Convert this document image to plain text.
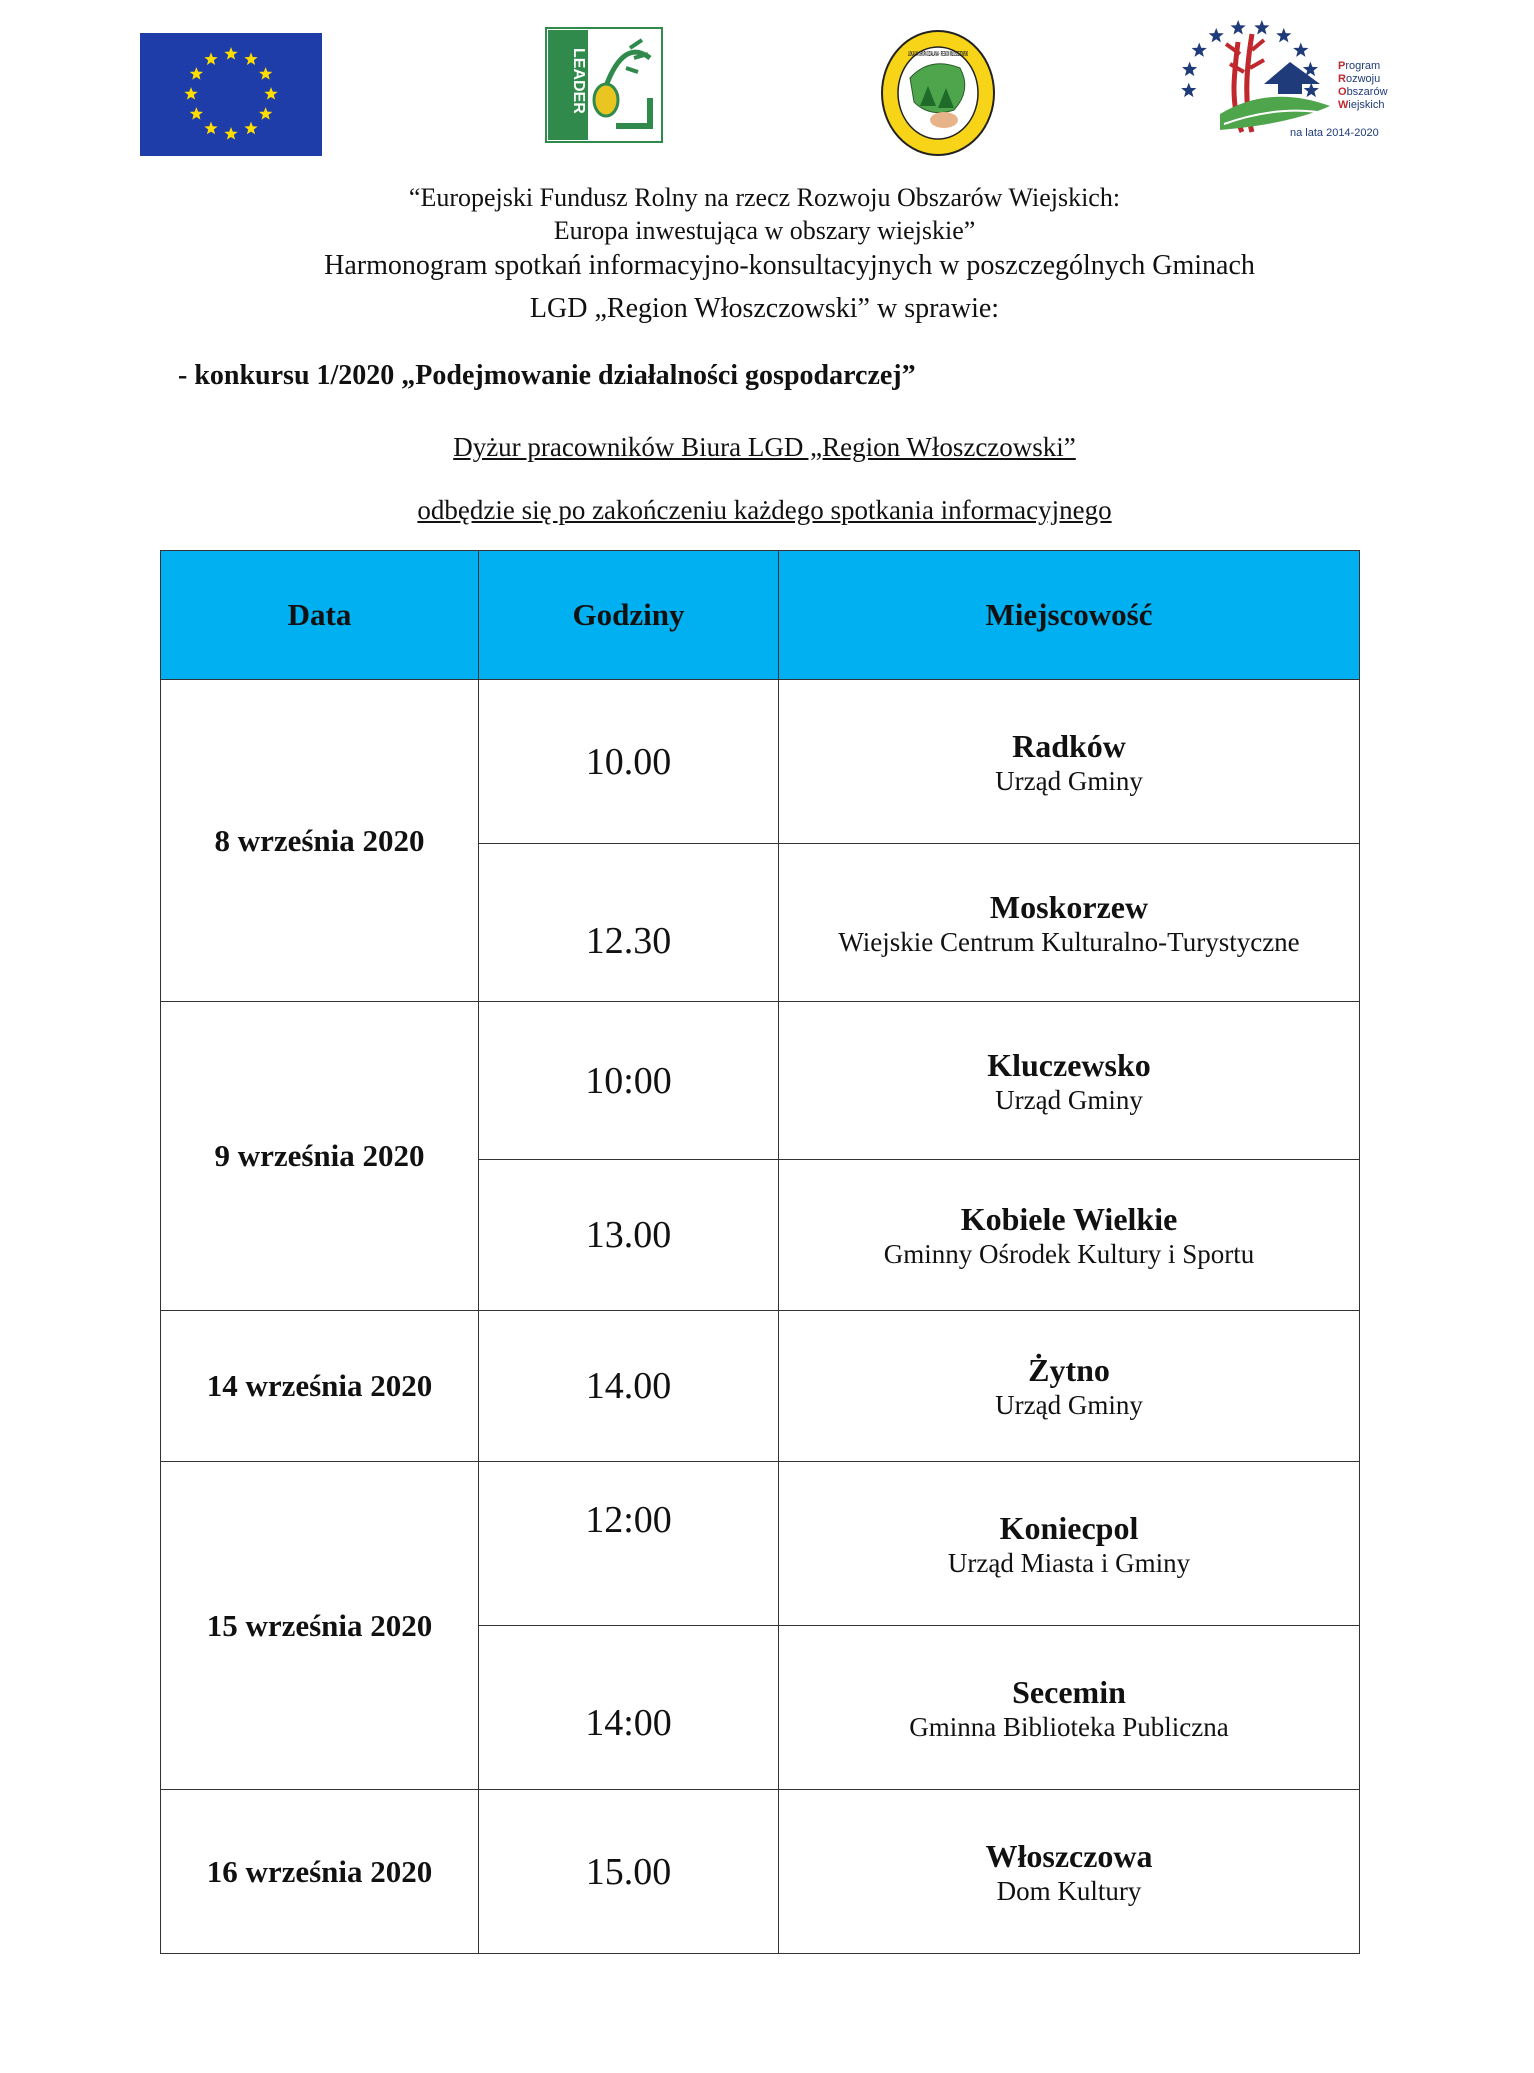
LEADER	LOKALNA GRUPA DZIAŁANIA · REGION WŁOSZCZOWSKI
Program
Rozwoju
Obszarów
Wiejskich
na lata 2014-2020
“Europejski Fundusz Rolny na rzecz Rozwoju Obszarów Wiejskich:
Europa inwestująca w obszary wiejskie”
Harmonogram spotkań informacyjno-konsultacyjnych w poszczególnych Gminach
LGD „Region Włoszczowski” w sprawie:
- konkursu 1/2020 „Podejmowanie działalności gospodarczej”
Dyżur pracowników Biura LGD „Region Włoszczowski”
odbędzie się po zakończeniu każdego spotkania informacyjnego
Data	Godziny	Miejscowość
8 września 2020	10.00	Radków
Urząd Gminy

	12.30	Moskorzew
Wiejskie Centrum Kulturalno-Turystyczne

9 września 2020	10:00	Kluczewsko
Urząd Gminy

	13.00	Kobiele Wielkie
Gminny Ośrodek Kultury i Sportu

14 września 2020	14.00	Żytno
Urząd Gminy

15 września 2020	12:00	Koniecpol
Urząd Miasta i Gminy

	14:00	Secemin
Gminna Biblioteka Publiczna

16 września 2020	15.00	Włoszczowa
Dom Kultury
